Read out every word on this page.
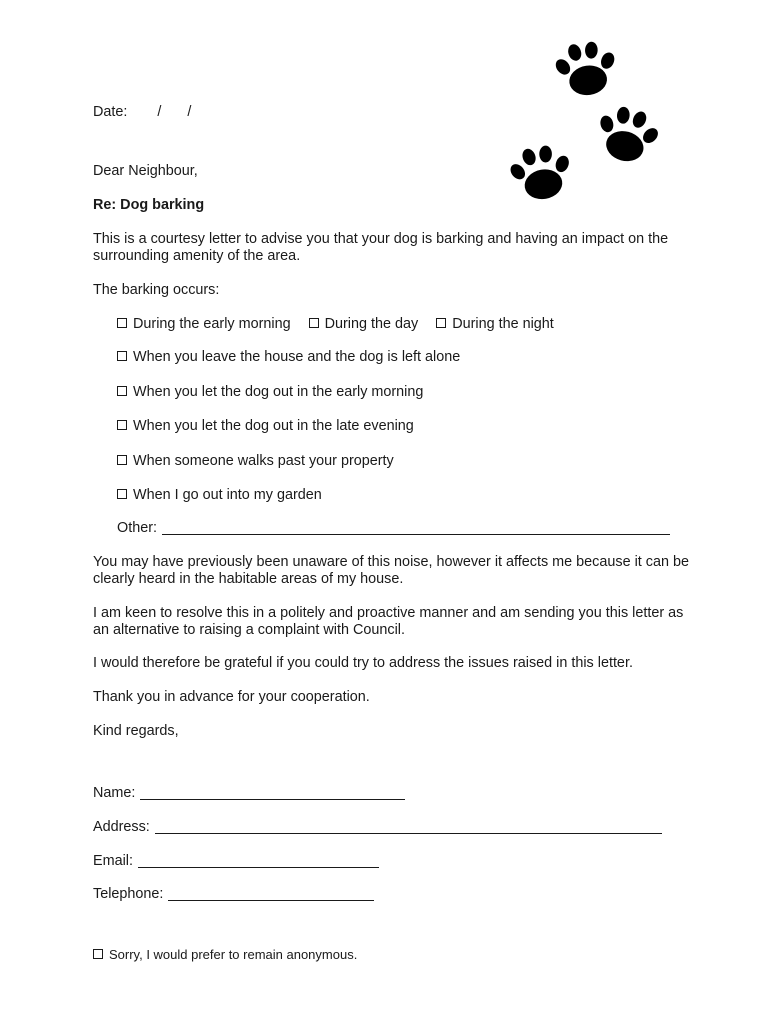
Date: / /
Dear Neighbour,
Re: Dog barking
This is a courtesy letter to advise you that your dog is barking and having an impact on the surrounding amenity of the area.
The barking occurs:
During the early morning During the day During the night
When you leave the house and the dog is left alone
When you let the dog out in the early morning
When you let the dog out in the late evening
When someone walks past your property
When I go out into my garden
Other:
You may have previously been unaware of this noise, however it affects me because it can be clearly heard in the habitable areas of my house.
I am keen to resolve this in a politely and proactive manner and am sending you this letter as an alternative to raising a complaint with Council.
I would therefore be grateful if you could try to address the issues raised in this letter.
Thank you in advance for your cooperation.
Kind regards,
Name:
Address:
Email:
Telephone:
Sorry, I would prefer to remain anonymous.
